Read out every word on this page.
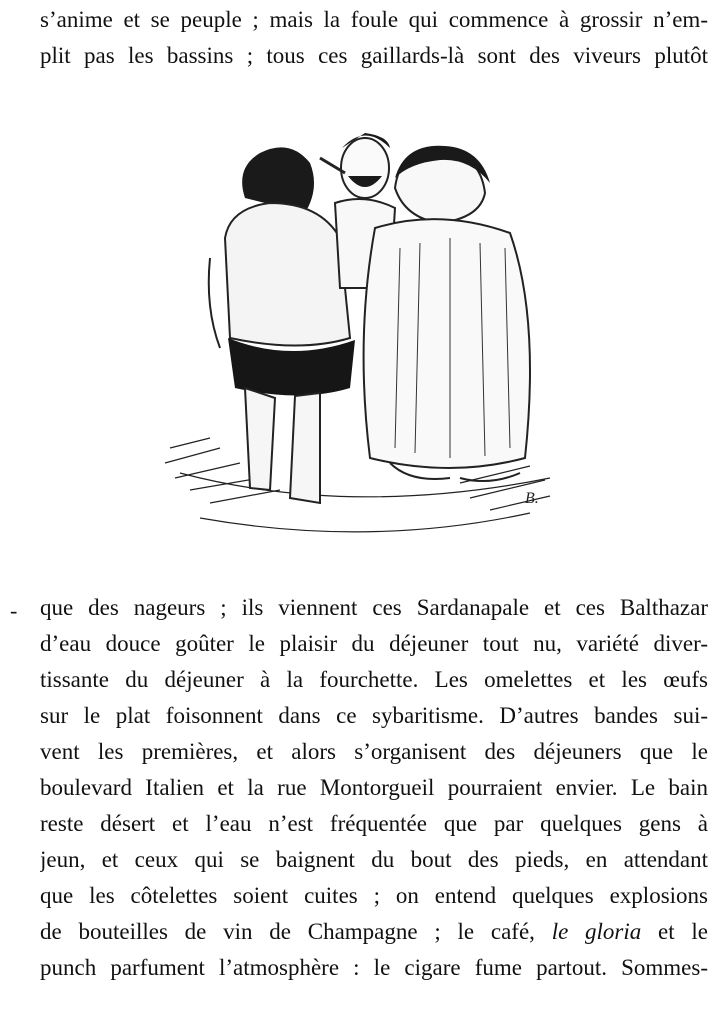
s’anime et se peuple ; mais la foule qui commence à grossir n’em-
plit pas les bassins ; tous ces gaillards-là sont des viveurs plutôt
B.
- que des nageurs ; ils viennent ces Sardanapale et ces Balthazar
d’eau douce goûter le plaisir du déjeuner tout nu, variété diver-
tissante du déjeuner à la fourchette. Les omelettes et les œufs
sur le plat foisonnent dans ce sybaritisme. D’autres bandes sui-
vent les premières, et alors s’organisent des déjeuners que le
boulevard Italien et la rue Montorgueil pourraient envier. Le bain
reste désert et l’eau n’est fréquentée que par quelques gens à
jeun, et ceux qui se baignent du bout des pieds, en attendant
que les côtelettes soient cuites ; on entend quelques explosions
de bouteilles de vin de Champagne ; le café, le gloria et le
punch parfument l’atmosphère : le cigare fume partout. Sommes-
